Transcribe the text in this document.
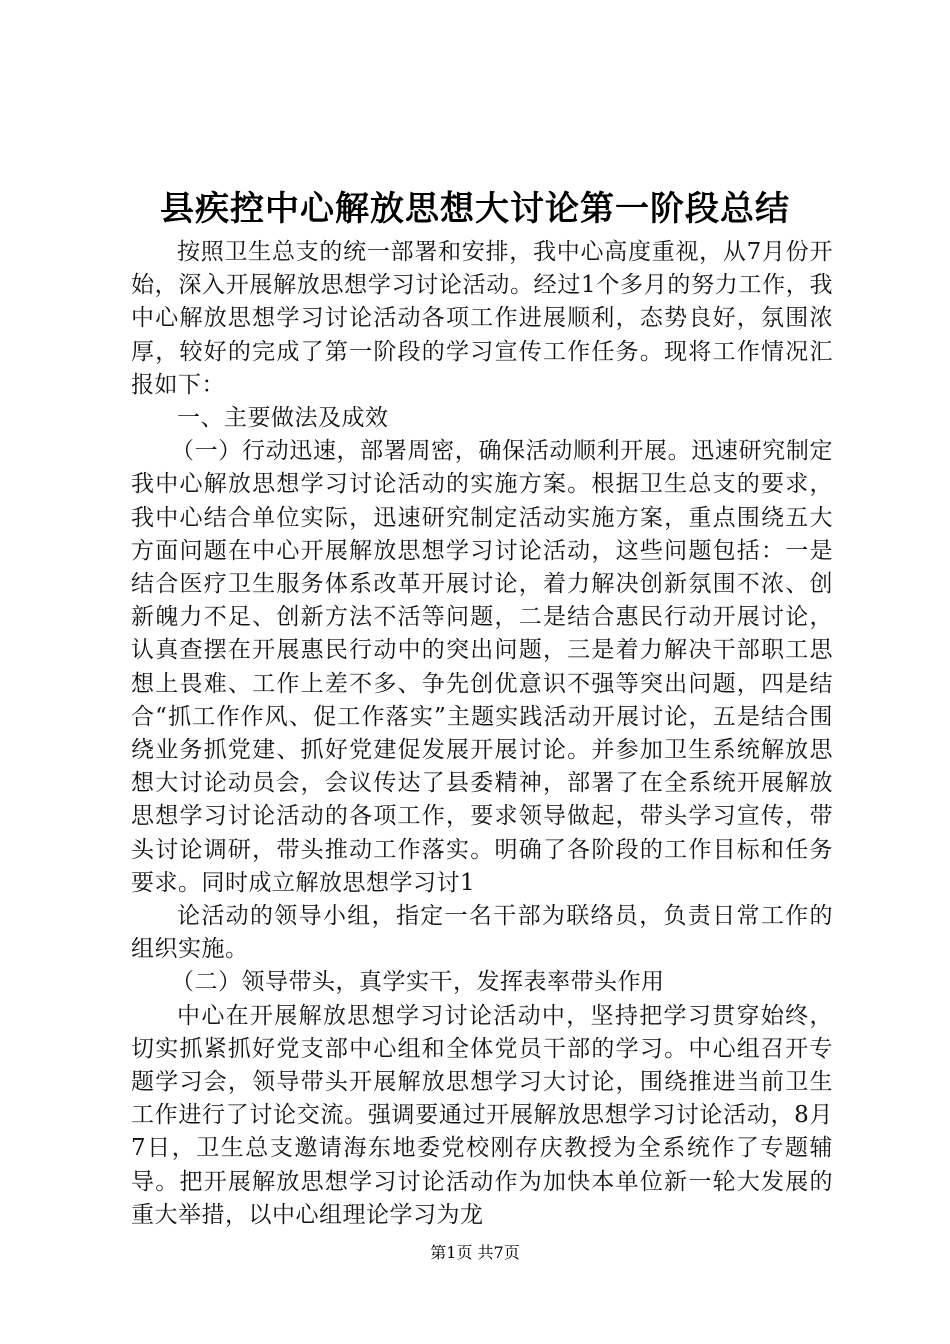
县疾控中心解放思想大讨论第一阶段总结

按照卫生总支的统一部署和安排，我中心高度重视，从7月份开始，深入开展解放思想学习讨论活动。经过1个多月的努力工作，我中心解放思想学习讨论活动各项工作进展顺利，态势良好，氛围浓厚，较好的完成了第一阶段的学习宣传工作任务。现将工作情况汇报如下：

一、主要做法及成效

（一）行动迅速，部署周密，确保活动顺利开展。迅速研究制定我中心解放思想学习讨论活动的实施方案。根据卫生总支的要求，我中心结合单位实际，迅速研究制定活动实施方案，重点围绕五大方面问题在中心开展解放思想学习讨论活动，这些问题包括：一是结合医疗卫生服务体系改革开展讨论，着力解决创新氛围不浓、创新魄力不足、创新方法不活等问题，二是结合惠民行动开展讨论，认真查摆在开展惠民行动中的突出问题，三是着力解决干部职工思想上畏难、工作上差不多、争先创优意识不强等突出问题，四是结合“抓工作作风、促工作落实”主题实践活动开展讨论，五是结合围绕业务抓党建、抓好党建促发展开展讨论。并参加卫生系统解放思想大讨论动员会，会议传达了县委精神，部署了在全系统开展解放思想学习讨论活动的各项工作，要求领导做起，带头学习宣传，带头讨论调研，带头推动工作落实。明确了各阶段的工作目标和任务要求。同时成立解放思想学习讨1

论活动的领导小组，指定一名干部为联络员，负责日常工作的组织实施。

（二）领导带头，真学实干，发挥表率带头作用

中心在开展解放思想学习讨论活动中，坚持把学习贯穿始终，切实抓紧抓好党支部中心组和全体党员干部的学习。中心组召开专题学习会，领导带头开展解放思想学习大讨论，围绕推进当前卫生工作进行了讨论交流。强调要通过开展解放思想学习讨论活动，8月7日，卫生总支邀请海东地委党校刚存庆教授为全系统作了专题辅导。把开展解放思想学习讨论活动作为加快本单位新一轮大发展的重大举措，以中心组理论学习为龙

第1页 共7页
